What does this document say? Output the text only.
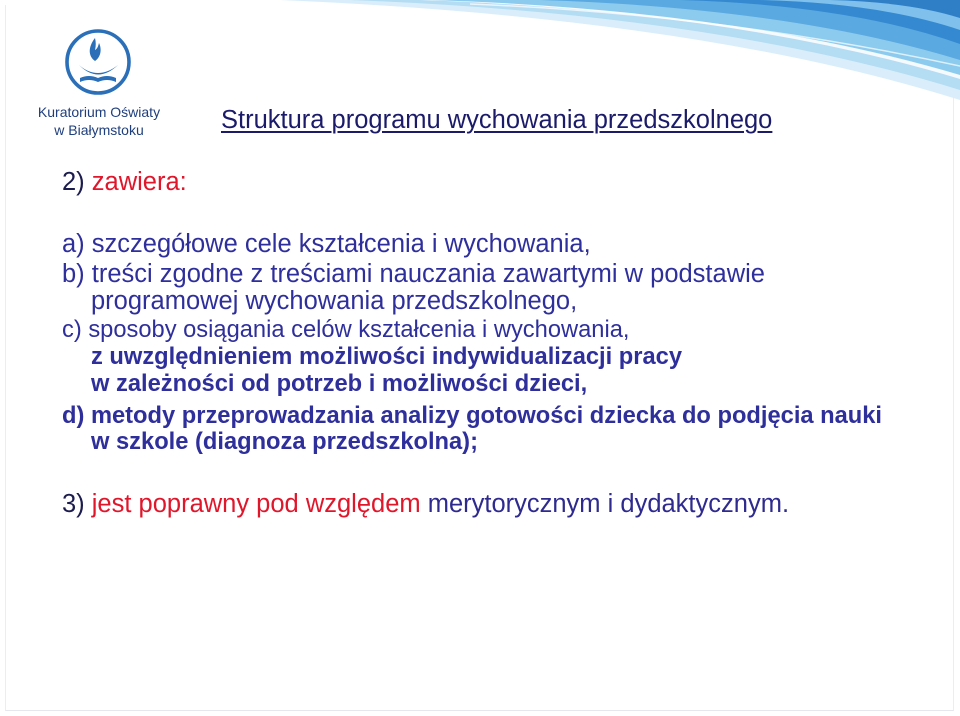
Kuratorium Oświaty
w Białymstoku	Struktura programu wychowania przedszkolnego
2) zawiera:
a) szczegółowe cele kształcenia i wychowania,
b) treści zgodne z treściami nauczania zawartymi w podstawie
programowej wychowania przedszkolnego,
c) sposoby osiągania celów kształcenia i wychowania,
z uwzględnieniem możliwości indywidualizacji pracy
w zależności od potrzeb i możliwości dzieci,
d) metody przeprowadzania analizy gotowości dziecka do podjęcia nauki
w szkole (diagnoza przedszkolna);
3) jest poprawny pod względem merytorycznym i dydaktycznym.
